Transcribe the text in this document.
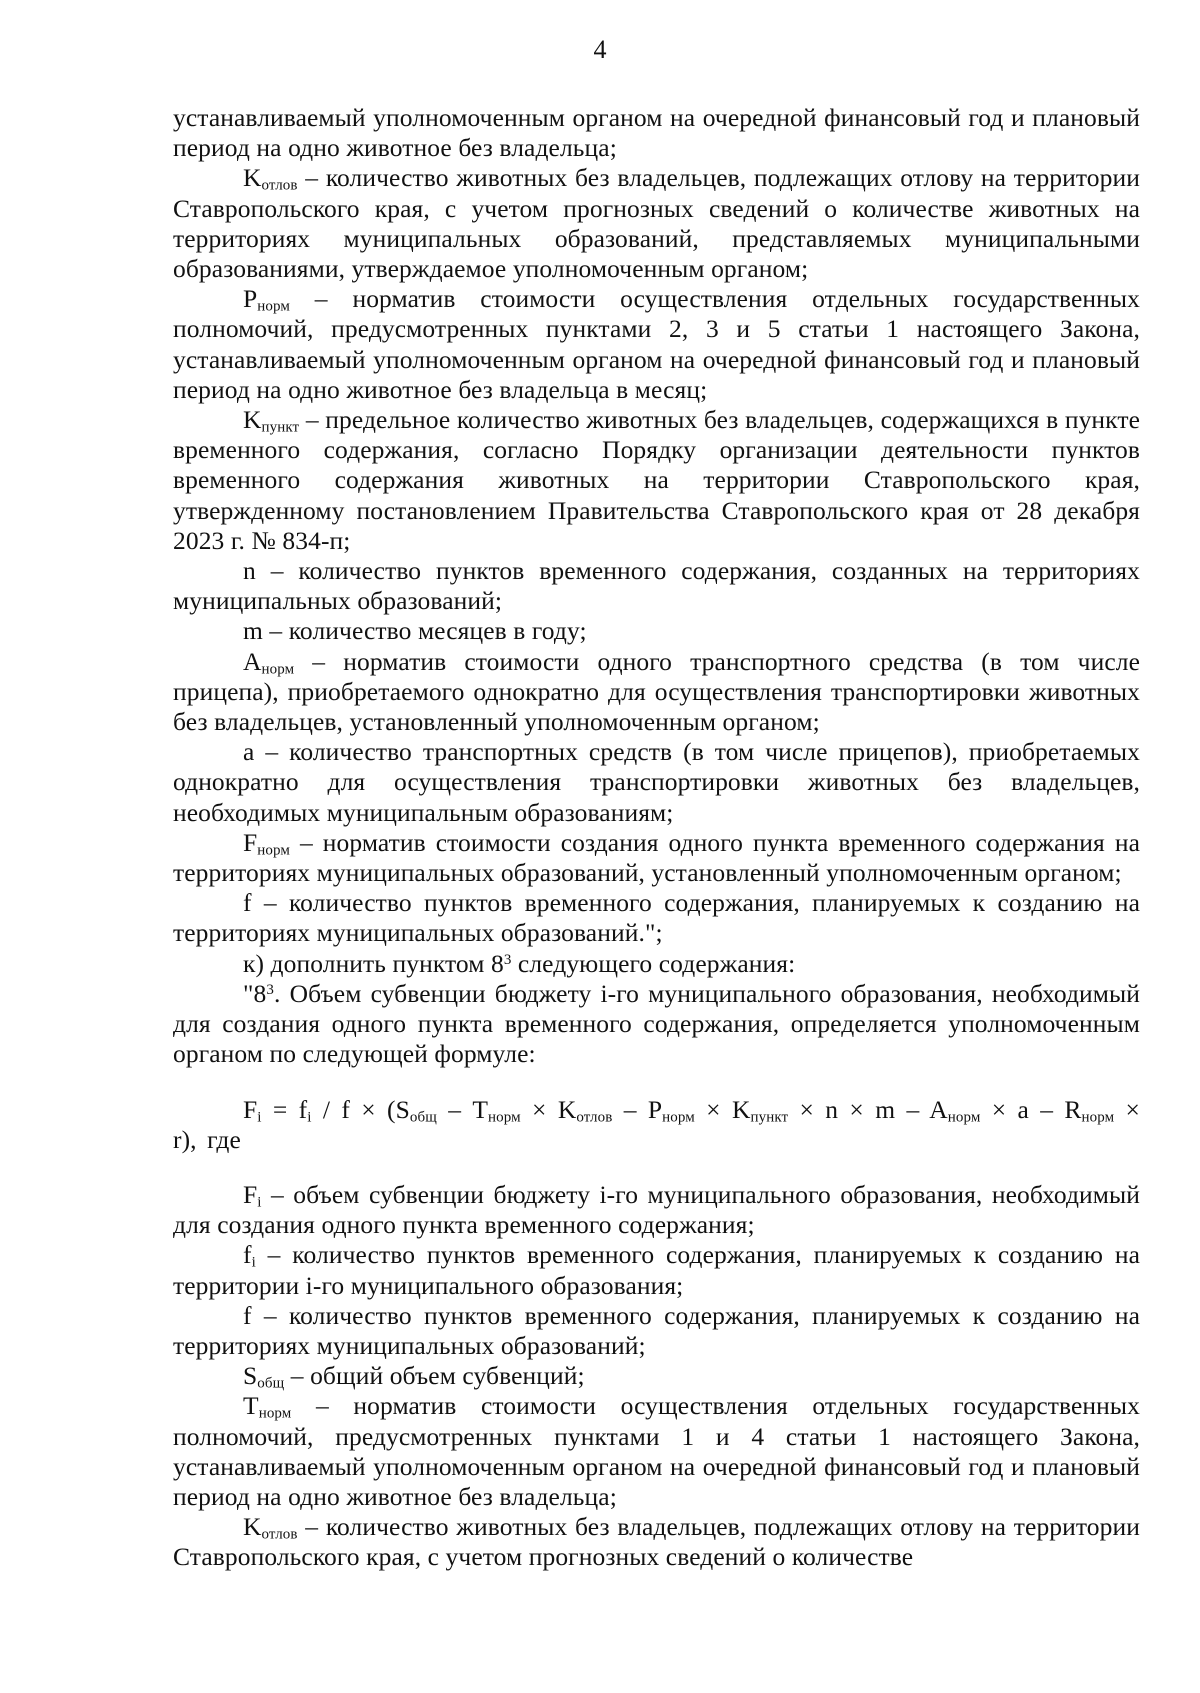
4

устанавливаемый уполномоченным органом на очередной финансовый год и плановый период на одно животное без владельца;

$K_{отлов}$ – количество животных без владельцев, подлежащих отлову на территории Ставропольского края, с учетом прогнозных сведений о количестве животных на территориях муниципальных образований, представляемых муниципальными образованиями, утверждаемое уполномоченным органом;

$P_{норм}$ – норматив стоимости осуществления отдельных государственных полномочий, предусмотренных пунктами 2, 3 и 5 статьи 1 настоящего Закона, устанавливаемый уполномоченным органом на очередной финансовый год и плановый период на одно животное без владельца в месяц;

$K_{пункт}$ – предельное количество животных без владельцев, содержащихся в пункте временного содержания, согласно Порядку организации деятельности пунктов временного содержания животных на территории Ставропольского края, утвержденному постановлением Правительства Ставропольского края от 28 декабря 2023 г. № 834-п;

n – количество пунктов временного содержания, созданных на территориях муниципальных образований;

m – количество месяцев в году;

$A_{норм}$ – норматив стоимости одного транспортного средства (в том числе прицепа), приобретаемого однократно для осуществления транспортировки животных без владельцев, установленный уполномоченным органом;

a – количество транспортных средств (в том числе прицепов), приобретаемых однократно для осуществления транспортировки животных без владельцев, необходимых муниципальным образованиям;

$F_{норм}$ – норматив стоимости создания одного пункта временного содержания на территориях муниципальных образований, установленный уполномоченным органом;

f – количество пунктов временного содержания, планируемых к созданию на территориях муниципальных образований.";

к) дополнить пунктом $8^3$ следующего содержания:

"$8^3$. Объем субвенции бюджету i-го муниципального образования, необходимый для создания одного пункта временного содержания, определяется уполномоченным органом по следующей формуле:

$F_i = f_i / f \times (S_{общ} - T_{норм} \times K_{отлов} - P_{норм} \times K_{пункт} \times n \times m - A_{норм} \times a - R_{норм} \times r)$, где

$F_i$ – объем субвенции бюджету i-го муниципального образования, необходимый для создания одного пункта временного содержания;

$f_i$ – количество пунктов временного содержания, планируемых к созданию на территории i-го муниципального образования;

f – количество пунктов временного содержания, планируемых к созданию на территориях муниципальных образований;

$S_{общ}$ – общий объем субвенций;

$T_{норм}$ – норматив стоимости осуществления отдельных государственных полномочий, предусмотренных пунктами 1 и 4 статьи 1 настоящего Закона, устанавливаемый уполномоченным органом на очередной финансовый год и плановый период на одно животное без владельца;

$K_{отлов}$ – количество животных без владельцев, подлежащих отлову на территории Ставропольского края, с учетом прогнозных сведений о количестве
